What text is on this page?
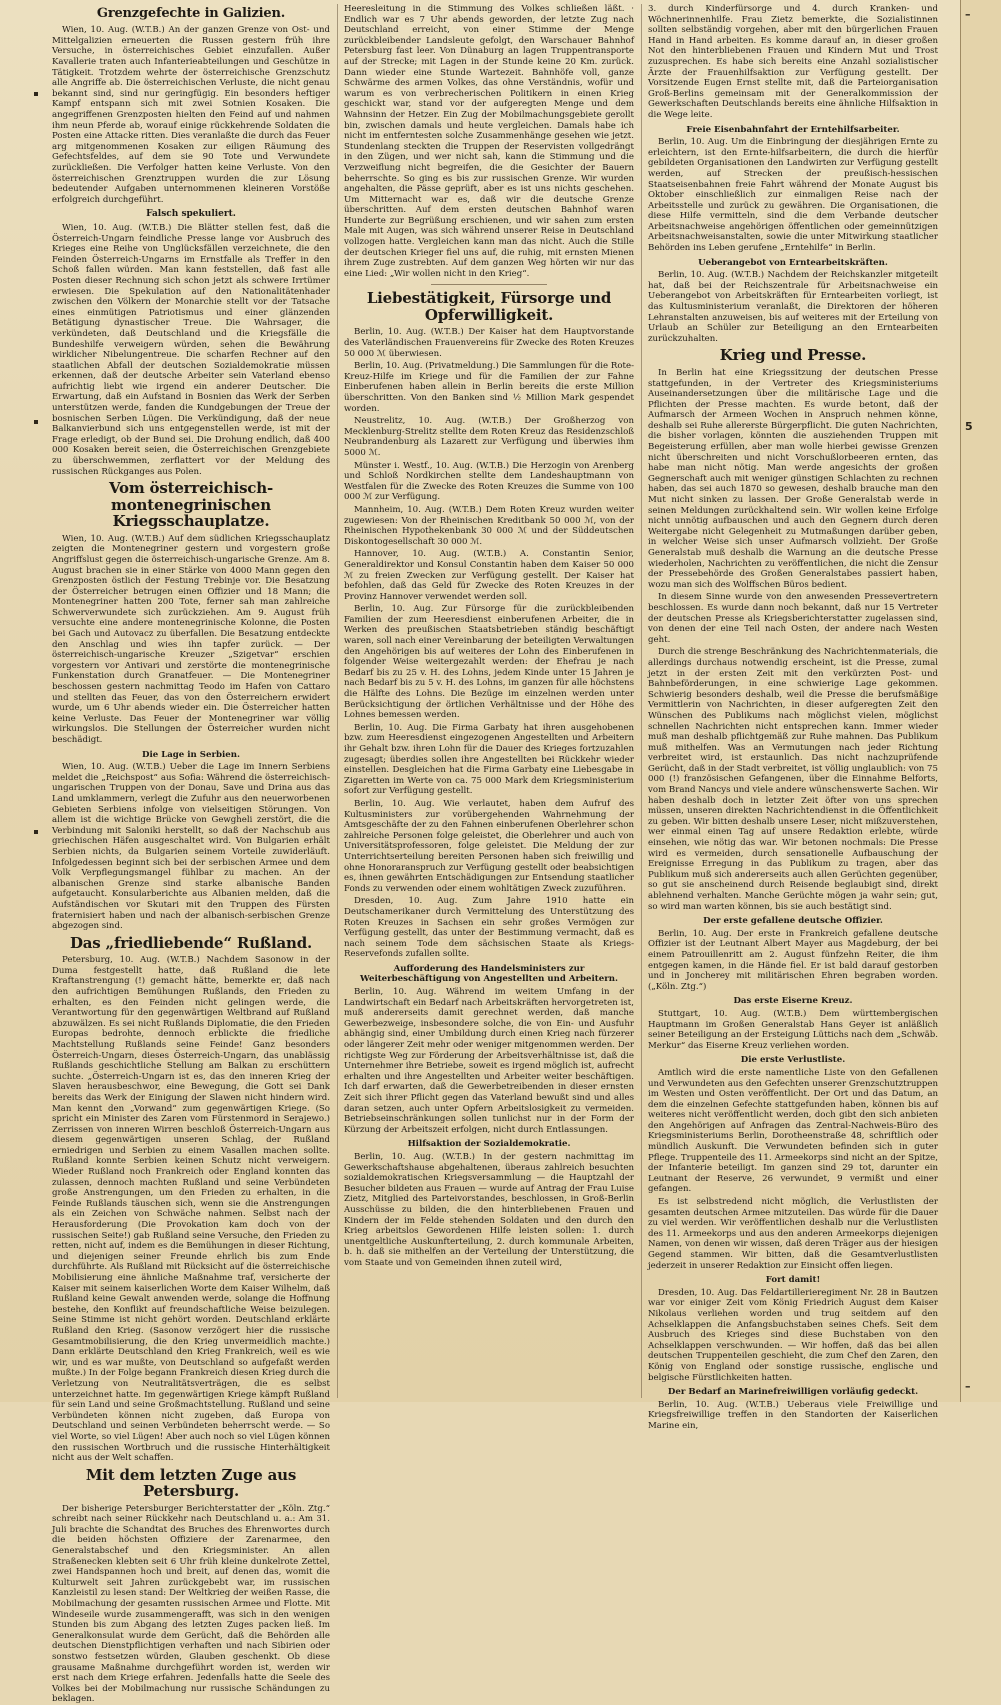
Grenzgefechte in Galizien.

Wien, 10. Aug. (W.T.B.) An der ganzen Grenze von Ost- und Mittelgalizien erneuerten die Russen gestern früh ihre Versuche, in österreichisches Gebiet einzufallen. Außer Kavallerie traten auch Infanterieabteilungen und Geschütze in Tätigkeit. Trotzdem wehrte der österreichische Grenzschutz alle Angriffe ab. Die österreichischen Verluste, die nicht genau bekannt sind, sind nur geringfügig. Ein besonders heftiger Kampf entspann sich mit zwei Sotnien Kosaken. Die angegriffenen Grenzposten hielten den Feind auf und nahmen ihm neun Pferde ab, worauf einige rückkehrende Soldaten die Posten eine Attacke ritten. Dies veranlaßte die durch das Feuer arg mitgenommenen Kosaken zur eiligen Räumung des Gefechtsfeldes, auf dem sie 90 Tote und Verwundete zurückließen. Die Verfolger hatten keine Verluste. Von den österreichischen Grenztruppen wurden die zur Lösung bedeutender Aufgaben unternommenen kleineren Vorstöße erfolgreich durchgeführt.

Falsch spekuliert.

Wien, 10. Aug. (W.T.B.) Die Blätter stellen fest, daß die Österreich-Ungarn feindliche Presse lange vor Ausbruch des Krieges eine Reihe von Unglücksfällen verzeichnete, die den Feinden Österreich-Ungarns im Ernstfalle als Treffer in den Schoß fallen würden. Man kann feststellen, daß fast alle Posten dieser Rechnung sich schon jetzt als schwere Irrtümer erwiesen. Die Spekulation auf den Nationalitätenhader zwischen den Völkern der Monarchie stellt vor der Tatsache eines einmütigen Patriotismus und einer glänzenden Betätigung dynastischer Treue. Die Wahrsager, die verkündeten, daß Deutschland und die Kriegsfälle die Bundeshilfe verweigern würden, sehen die Bewährung wirklicher Nibelungentreue. Die scharfen Rechner auf den staatlichen Abfall der deutschen Sozialdemokratie müssen erkennen, daß der deutsche Arbeiter sein Vaterland ebenso aufrichtig liebt wie irgend ein anderer Deutscher. Die Erwartung, daß ein Aufstand in Bosnien das Werk der Serben unterstützen werde, fanden die Kundgebungen der Treue der bosnischen Serben Lügen. Die Verkündigung, daß der neue Balkanvierbund sich uns entgegenstellen werde, ist mit der Frage erledigt, ob der Bund sei. Die Drohung endlich, daß 400 000 Kosaken bereit seien, die Österreichischen Grenzgebiete zu überschwemmen, zerflattert vor der Meldung des russischen Rückganges aus Polen.

Vom österreichisch-montenegrinischen Kriegsschauplatze.

Wien, 10. Aug. (W.T.B.) Auf dem südlichen Kriegsschauplatz zeigten die Montenegriner gestern und vorgestern große Angriffslust gegen die österreichisch-ungarische Grenze. Am 8. August brachen sie in einer Stärke von 4000 Mann gegen den Grenzposten östlich der Festung Trebinje vor. Die Besatzung der Österreicher betrugen einen Offizier und 18 Mann; die Montenegriner hatten 200 Tote, ferner sah man zahlreiche Schwerverwundete sich zurückziehen. Am 9. August früh versuchte eine andere montenegrinische Kolonne, die Posten bei Gach und Autovacz zu überfallen. Die Besatzung entdeckte den Anschlag und wies ihn tapfer zurück. — Der österreichisch-ungarische Kreuzer „Szigetvar“ erschien vorgestern vor Antivari und zerstörte die montenegrinische Funkenstation durch Granatfeuer. — Die Montenegriner beschossen gestern nachmittag Teodo im Hafen von Cattaro und stellten das Feuer, das von den Österreichern erwidert wurde, um 6 Uhr abends wieder ein. Die Österreicher hatten keine Verluste. Das Feuer der Montenegriner war völlig wirkungslos. Die Stellungen der Österreicher wurden nicht beschädigt.

Die Lage in Serbien.

Wien, 10. Aug. (W.T.B.) Ueber die Lage im Innern Serbiens meldet die „Reichspost“ aus Sofia: Während die österreichisch-ungarischen Truppen von der Donau, Save und Drina aus das Land umklammern, verlegt die Zufuhr aus den neuerworbenen Gebieten Serbiens infolge von vielseitigen Störungen. Von allem ist die wichtige Brücke von Gewgheli zerstört, die die Verbindung mit Saloniki herstellt, so daß der Nachschub aus griechischen Häfen ausgeschaltet wird. Von Bulgarien erhält Serbien nichts, da Bulgarien seinem Vorteile zuwiderläuft. Infolgedessen beginnt sich bei der serbischen Armee und dem Volk Verpflegungsmangel fühlbar zu machen. An der albanischen Grenze sind starke albanische Banden aufgetaucht. Konsularberichte aus Albanien melden, daß die Aufständischen vor Skutari mit den Truppen des Fürsten fraternisiert haben und nach der albanisch-serbischen Grenze abgezogen sind.

Das „friedliebende“ Rußland.

Petersburg, 10. Aug. (W.T.B.) Nachdem Sasonow in der Duma festgestellt hatte, daß Rußland die lete Kraftanstrengung (!) gemacht hätte, bemerkte er, daß nach den aufrichtigen Bemühungen Rußlands, den Frieden zu erhalten, es den Feinden nicht gelingen werde, die Verantwortung für den gegenwärtigen Weltbrand auf Rußland abzuwälzen. Es sei nicht Rußlands Diplomatie, die den Frieden Europas bedrohte, dennoch erblickte die friedliche Machtstellung Rußlands seine Feinde! Ganz besonders Österreich-Ungarn, dieses Österreich-Ungarn, das unablässig Rußlands geschichtliche Stellung am Balkan zu erschüttern suchte. „Österreich-Ungarn ist es, das den inneren Krieg der Slaven herausbeschwor, eine Bewegung, die Gott sei Dank bereits das Werk der Einigung der Slawen nicht hindern wird. Man kennt den „Vorwand“ zum gegenwärtigen Kriege. (So spricht ein Minister des Zaren vom Fürstenmord in Serajewo.) Zerrissen von inneren Wirren beschloß Österreich-Ungarn aus diesem gegenwärtigen unseren Schlag, der Rußland erniedrigen und Serbien zu einem Vasallen machen sollte. Rußland konnte Serbien keinen Schutz nicht verweigern. Wieder Rußland noch Frankreich oder England konnten das zulassen, dennoch machten Rußland und seine Verbündeten große Anstrengungen, um den Frieden zu erhalten, in die Feinde Rußlands täuschen sich, wenn sie die Anstrengungen als ein Zeichen von Schwäche nahmen. Selbst nach der Herausforderung (Die Provokation kam doch von der russischen Seite!) gab Rußland seine Versuche, den Frieden zu retten, nicht auf, indem es die Bemühungen in dieser Richtung, und diejenigen seiner Freunde ehrlich bis zum Ende durchführte. Als Rußland mit Rücksicht auf die österreichische Mobilisierung eine ähnliche Maßnahme traf, versicherte der Kaiser mit seinem kaiserlichen Worte dem Kaiser Wilhelm, daß Rußland keine Gewalt anwenden werde, solange die Hoffnung bestehe, den Konflikt auf freundschaftliche Weise beizulegen. Seine Stimme ist nicht gehört worden. Deutschland erklärte Rußland den Krieg. (Sasonow verzögert hier die russische Gesamtmobilisierung, die den Krieg unvermeidlich machte.) Dann erklärte Deutschland den Krieg Frankreich, weil es wie wir, und es war mußte, von Deutschland so aufgefaßt werden mußte.) In der Folge begann Frankreich diesen Krieg durch die Verletzung von Neutralitätsverträgen, die es selbst unterzeichnet hatte. Im gegenwärtigen Kriege kämpft Rußland für sein Land und seine Großmachtstellung. Rußland und seine Verbündeten können nicht zugeben, daß Europa von Deutschland und seinen Verbündeten beherrscht werde. — So viel Worte, so viel Lügen! Aber auch noch so viel Lügen können den russischen Wortbruch und die russische Hinterhältigkeit nicht aus der Welt schaffen.

Mit dem letzten Zuge aus Petersburg.

Der bisherige Petersburger Berichterstatter der „Köln. Ztg.“ schreibt nach seiner Rückkehr nach Deutschland u. a.: Am 31. Juli brachte die Schandtat des Bruches des Ehrenwortes durch die beiden höchsten Offiziere der Zarenarmee, den Generalstabschef und den Kriegsminister. An allen Straßenecken klebten seit 6 Uhr früh kleine dunkelrote Zettel, zwei Handspannen hoch und breit, auf denen das, womit die Kulturwelt seit Jahren zurückgebebt war, im russischen Kanzleistil zu lesen stand: Der Weltkrieg der weißen Rasse, die Mobilmachung der gesamten russischen Armee und Flotte. Mit Windeseile wurde zusammengerafft, was sich in den wenigen Stunden bis zum Abgang des letzten Zuges packen ließ. Im Generalkonsulat wurde dem Gerücht, daß die Behörden alle deutschen Dienstpflichtigen verhaften und nach Sibirien oder sonstwo festsetzen würden, Glauben geschenkt. Ob diese grausame Maßnahme durchgeführt worden ist, werden wir erst nach dem Kriege erfahren. Jedenfalls hatte die Seele des Volkes bei der Mobilmachung nur russische Schändungen zu beklagen.

Heeresleitung in die Stimmung des Volkes schließen läßt. · Endlich war es 7 Uhr abends geworden, der letzte Zug nach Deutschland erreicht, von einer Stimme der Menge zurückbleibender Landsleute gefolgt, den Warschauer Bahnhof Petersburg fast leer. Von Dünaburg an lagen Truppentransporte auf der Strecke; mit Lagen in der Stunde keine 20 Km. zurück. Dann wieder eine Stunde Wartezeit. Bahnhöfe voll, ganze Schwärme des armen Volkes, das ohne Verständnis, wofür und warum es von verbrecherischen Politikern in einen Krieg geschickt war, stand vor der aufgeregten Menge und dem Wahnsinn der Hetzer. Ein Zug der Mobilmachungsgebiete gerollt bin, zwischen damals und heute vergleichen. Damals habe ich nicht im entferntesten solche Zusammenhänge gesehen wie jetzt. Stundenlang steckten die Truppen der Reservisten vollgedrängt in den Zügen, und wer nicht sah, kann die Stimmung und die Verzweiflung nicht begreifen, die die Gesichter der Bauern beherrschte. So ging es bis zur russischen Grenze. Wir wurden angehalten, die Pässe geprüft, aber es ist uns nichts geschehen. Um Mitternacht war es, daß wir die deutsche Grenze überschritten. Auf dem ersten deutschen Bahnhof waren Hunderte zur Begrüßung erschienen, und wir sahen zum ersten Male mit Augen, was sich während unserer Reise in Deutschland vollzogen hatte. Vergleichen kann man das nicht. Auch die Stille der deutschen Krieger fiel uns auf, die ruhig, mit ernsten Mienen ihrem Zuge zustrebten. Auf dem ganzen Weg hörten wir nur das eine Lied: „Wir wollen nicht in den Krieg“.

Liebestätigkeit, Fürsorge und Opferwilligkeit.

Berlin, 10. Aug. (W.T.B.) Der Kaiser hat dem Hauptvorstande des Vaterländischen Frauenvereins für Zwecke des Roten Kreuzes 50 000 ℳ überwiesen.

Berlin, 10. Aug. (Privatmeldung.) Die Sammlungen für die Rote-Kreuz-Hilfe im Kriege und für die Familien der zur Fahne Einberufenen haben allein in Berlin bereits die erste Million überschritten. Von den Banken sind ½ Million Mark gespendet worden.

Neustrelitz, 10. Aug. (W.T.B.) Der Großherzog von Mecklenburg-Strelitz stellte dem Roten Kreuz das Residenzschloß Neubrandenburg als Lazarett zur Verfügung und überwies ihm 5000 ℳ.

Münster i. Westf., 10. Aug. (W.T.B.) Die Herzogin von Arenberg und Schloß Nordkirchen stellte dem Landeshauptmann von Westfalen für die Zwecke des Roten Kreuzes die Summe von 100 000 ℳ zur Verfügung.

Mannheim, 10. Aug. (W.T.B.) Dem Roten Kreuz wurden weiter zugewiesen: Von der Rheinischen Kreditbank 50 000 ℳ, von der Rheinischen Hypothekenbank 30 000 ℳ und der Süddeutschen Diskontogesellschaft 30 000 ℳ.

Hannover, 10. Aug. (W.T.B.) A. Constantin Senior, Generaldirektor und Konsul Constantin haben dem Kaiser 50 000 ℳ zu freien Zwecken zur Verfügung gestellt. Der Kaiser hat befohlen, daß das Geld für Zwecke des Roten Kreuzes in der Provinz Hannover verwendet werden soll.

Berlin, 10. Aug. Zur Fürsorge für die zurückbleibenden Familien der zum Heeresdienst einberufenen Arbeiter, die in Werken des preußischen Staatsbetrieben ständig beschäftigt waren, soll nach einer Vereinbarung der beteiligten Verwaltungen den Angehörigen bis auf weiteres der Lohn des Einberufenen in folgender Weise weitergezahlt werden: der Ehefrau je nach Bedarf bis zu 25 v. H. des Lohns, jedem Kinde unter 15 Jahren je nach Bedarf bis zu 5 v. H. des Lohns, im ganzen für alle höchstens die Hälfte des Lohns. Die Bezüge im einzelnen werden unter Berücksichtigung der örtlichen Verhältnisse und der Höhe des Lohnes bemessen werden.

Berlin, 10. Aug. Die Firma Garbaty hat ihren ausgehobenen bzw. zum Heeresdienst eingezogenen Angestellten und Arbeitern ihr Gehalt bzw. ihren Lohn für die Dauer des Krieges fortzuzahlen zugesagt; überdies sollen ihre Angestellten bei Rückkehr wieder einstellen. Desgleichen hat die Firma Garbaty eine Liebesgabe in Zigaretten im Werte von ca. 75 000 Mark dem Kriegsministerium sofort zur Verfügung gestellt.

Berlin, 10. Aug. Wie verlautet, haben dem Aufruf des Kultusministers zur vorübergehenden Wahrnehmung der Amtsgeschäfte der zu den Fahnen einberufenen Oberlehrer schon zahlreiche Personen folge geleistet, die Oberlehrer und auch von Universitätsprofessoren, folge geleistet. Die Meldung der zur Unterrichtserteilung bereiten Personen haben sich freiwillig und ohne Honoraranspruch zur Verfügung gestellt oder beabsichtigen es, ihnen gewährten Entschädigungen zur Entsendung staatlicher Fonds zu verwenden oder einem wohltätigen Zweck zuzuführen.

Dresden, 10. Aug. Zum Jahre 1910 hatte ein Deutschamerikaner durch Vermittelung des Unterstützung des Roten Kreuzes in Sachsen ein sehr großes Vermögen zur Verfügung gestellt, das unter der Bestimmung vermacht, daß es nach seinem Tode dem sächsischen Staate als Kriegs-Reservefonds zufallen sollte.

Aufforderung des Handelsministers zur Weiterbeschäftigung von Angestellten und Arbeitern.

Berlin, 10. Aug. Während im weitem Umfang in der Landwirtschaft ein Bedarf nach Arbeitskräften hervorgetreten ist, muß andererseits damit gerechnet werden, daß manche Gewerbezweige, insbesondere solche, die von Ein- und Ausfuhr abhängig sind, einer Umbildung durch einen Krieg nach fürzerer oder längerer Zeit mehr oder weniger mitgenommen werden. Der richtigste Weg zur Förderung der Arbeitsverhältnisse ist, daß die Unternehmer ihre Betriebe, soweit es irgend möglich ist, aufrecht erhalten und ihre Angestellten und Arbeiter weiter beschäftigen. Ich darf erwarten, daß die Gewerbetreibenden in dieser ernsten Zeit sich ihrer Pflicht gegen das Vaterland bewußt sind und alles daran setzen, auch unter Opfern Arbeitslosigkeit zu vermeiden. Betriebseinschränkungen sollen tunlichst nur in der Form der Kürzung der Arbeitszeit erfolgen, nicht durch Entlassungen.

Hilfsaktion der Sozialdemokratie.

Berlin, 10. Aug. (W.T.B.) In der gestern nachmittag im Gewerkschaftshause abgehaltenen, überaus zahlreich besuchten sozialdemokratischen Kriegsversammlung — die Hauptzahl der Besucher bildeten aus Frauen — wurde auf Antrag der Frau Luise Zietz, Mitglied des Parteivorstandes, beschlossen, in Groß-Berlin Ausschüsse zu bilden, die den hinterbliebenen Frauen und Kindern der im Felde stehenden Soldaten und den durch den Krieg arbeitslos Gewordenen Hilfe leisten sollen: 1. durch unentgeltliche Auskunfterteilung, 2. durch kommunale Arbeiten, b. h. daß sie mithelfen an der Verteilung der Unterstützung, die vom Staate und von Gemeinden ihnen zuteil wird,

3. durch Kinderfürsorge und 4. durch Kranken- und Wöchnerinnenhilfe. Frau Zietz bemerkte, die Sozialistinnen sollten selbständig vorgehen, aber mit den bürgerlichen Frauen Hand in Hand arbeiten. Es komme darauf an, in dieser großen Not den hinterbliebenen Frauen und Kindern Mut und Trost zuzusprechen. Es habe sich bereits eine Anzahl sozialistischer Ärzte der Frauenhilfsaktion zur Verfügung gestellt. Der Vorsitzende Eugen Ernst stellte mit, daß die Parteiorganisation Groß-Berlins gemeinsam mit der Generalkommission der Gewerkschaften Deutschlands bereits eine ähnliche Hilfsaktion in die Wege leite.

Freie Eisenbahnfahrt der Erntehilfsarbeiter.

Berlin, 10. Aug. Um die Einbringung der diesjährigen Ernte zu erleichtern, ist den Ernte-hilfsarbeitern, die durch die hierfür gebildeten Organisationen den Landwirten zur Verfügung gestellt werden, auf Strecken der preußisch-hessischen Staatseisenbahnen freie Fahrt während der Monate August bis Oktober einschließlich zur einmaligen Reise nach der Arbeitsstelle und zurück zu gewähren. Die Organisationen, die diese Hilfe vermitteln, sind die dem Verbande deutscher Arbeitsnachweise angehörigen öffentlichen oder gemeinnützigen Arbeitsnachweisanstalten, sowie die unter Mitwirkung staatlicher Behörden ins Leben gerufene „Erntehilfe“ in Berlin.

Ueberangebot von Erntearbeitskräften.

Berlin, 10. Aug. (W.T.B.) Nachdem der Reichskanzler mitgeteilt hat, daß bei der Reichszentrale für Arbeitsnachweise ein Ueberangebot von Arbeitskräften für Erntearbeiten vorliegt, ist das Kultusministerium veranlaßt, die Direktoren der höheren Lehranstalten anzuweisen, bis auf weiteres mit der Erteilung von Urlaub an Schüler zur Beteiligung an den Erntearbeiten zurückzuhalten.

Krieg und Presse.

In Berlin hat eine Kriegssitzung der deutschen Presse stattgefunden, in der Vertreter des Kriegsministeriums Auseinandersetzungen über die militärische Lage und die Pflichten der Presse machten. Es wurde betont, daß der Aufmarsch der Armeen Wochen in Anspruch nehmen könne, deshalb sei Ruhe allererste Bürgerpflicht. Die guten Nachrichten, die bisher vorlagen, könnten die ausziehenden Truppen mit Begeisterung erfüllen, aber man wolle hierbei gewisse Grenzen nicht überschreiten und nicht Vorschußlorbeeren ernten, das habe man nicht nötig. Man werde angesichts der großen Gegnerschaft auch mit weniger günstigen Schlachten zu rechnen haben, das sei auch 1870 so gewesen, deshalb brauche man den Mut nicht sinken zu lassen. Der Große Generalstab werde in seinen Meldungen zurückhaltend sein. Wir wollen keine Erfolge nicht unnötig aufbauschen und auch den Gegnern durch deren Weitergabe nicht Gelegenheit zu Mutmaßungen darüber geben, in welcher Weise sich unser Aufmarsch vollzieht. Der Große Generalstab muß deshalb die Warnung an die deutsche Presse wiederholen, Nachrichten zu veröffentlichen, die nicht die Zensur der Pressebehörde des Großen Generalstabes passiert haben, wozu man sich des Wolffschen Büros bedient.

In diesem Sinne wurde von den anwesenden Pressevertretern beschlossen. Es wurde dann noch bekannt, daß nur 15 Vertreter der deutschen Presse als Kriegsberichterstatter zugelassen sind, von denen der eine Teil nach Osten, der andere nach Westen geht.

Durch die strenge Beschränkung des Nachrichtenmaterials, die allerdings durchaus notwendig erscheint, ist die Presse, zumal jetzt in der ersten Zeit mit den verkürzten Post- und Bahnbeförderungen, in eine schwierige Lage gekommen. Schwierig besonders deshalb, weil die Presse die berufsmäßige Vermittlerin von Nachrichten, in dieser aufgeregten Zeit den Wünschen des Publikums nach möglichst vielen, möglichst schnellen Nachrichten nicht entsprechen kann. Immer wieder muß man deshalb pflichtgemäß zur Ruhe mahnen. Das Publikum muß mithelfen. Was an Vermutungen nach jeder Richtung verbreitet wird, ist erstaunlich. Das nicht nachzuprüfende Gerücht, daß in der Stadt verbreitet, ist völlig unglaublich: von 75 000 (!) französischen Gefangenen, über die Einnahme Belforts, vom Brand Nancys und viele andere wünschenswerte Sachen. Wir haben deshalb doch in letzter Zeit öfter von uns sprechen müssen, unseren direkten Nachrichtendienst in die Öffentlichkeit zu geben. Wir bitten deshalb unsere Leser, nicht mißzuverstehen, wer einmal einen Tag auf unsere Redaktion erlebte, würde einsehen, wie nötig das war. Wir betonen nochmals: Die Presse wird es vermeiden, durch sensationelle Aufbauschung der Ereignisse Erregung in das Publikum zu tragen, aber das Publikum muß sich andererseits auch allen Gerüchten gegenüber, so gut sie anscheinend durch Reisende beglaubigt sind, direkt ablehnend verhalten. Manche Gerüchte mögen ja wahr sein; gut, so wird man warten können, bis sie auch bestätigt sind.

Der erste gefallene deutsche Offizier.

Berlin, 10. Aug. Der erste in Frankreich gefallene deutsche Offizier ist der Leutnant Albert Mayer aus Magdeburg, der bei einem Patrouillenritt am 2. August fünfzehn Reiter, die ihm entgegen kamen, in die Hände fiel. Er ist bald darauf gestorben und in Joncherey mit militärischen Ehren begraben worden. („Köln. Ztg.“)

Das erste Eiserne Kreuz.

Stuttgart, 10. Aug. (W.T.B.) Dem württembergischen Hauptmann im Großen Generalstab Hans Geyer ist anläßlich seiner Beteiligung an der Ersteigung Lüttichs nach dem „Schwäb. Merkur“ das Eiserne Kreuz verliehen worden.

Die erste Verlustliste.

Amtlich wird die erste namentliche Liste von den Gefallenen und Verwundeten aus den Gefechten unserer Grenzschutztruppen im Westen und Osten veröffentlicht. Der Ort und das Datum, an dem die einzelnen Gefechte stattgefunden haben, können bis auf weiteres nicht veröffentlicht werden, doch gibt den sich anbieten den Angehörigen auf Anfragen das Zentral-Nachweis-Büro des Kriegsministeriums Berlin, Dorotheenstraße 48, schriftlich oder mündlich Auskunft. Die Verwundeten befinden sich in guter Pflege. Truppenteile des 11. Armeekorps sind nicht an der Spitze, der Infanterie beteiligt. Im ganzen sind 29 tot, darunter ein Leutnant der Reserve, 26 verwundet, 9 vermißt und einer gefangen.

Es ist selbstredend nicht möglich, die Verlustlisten der gesamten deutschen Armee mitzuteilen. Das würde für die Dauer zu viel werden. Wir veröffentlichen deshalb nur die Verlustlisten des 11. Armeekorps und aus den anderen Armeekorps diejenigen Namen, von denen wir wissen, daß deren Träger aus der hiesigen Gegend stammen. Wir bitten, daß die Gesamtverlustlisten jederzeit in unserer Redaktion zur Einsicht offen liegen.

Fort damit!

Dresden, 10. Aug. Das Feldartillerieregiment Nr. 28 in Bautzen war vor einiger Zeit vom König Friedrich August dem Kaiser Nikolaus verliehen worden und trug seitdem auf den Achselklappen die Anfangsbuchstaben seines Chefs. Seit dem Ausbruch des Krieges sind diese Buchstaben von den Achselklappen verschwunden. — Wir hoffen, daß das bei allen deutschen Truppenteilen geschieht, die zum Chef den Zaren, den König von England oder sonstige russische, englische und belgische Fürstlichkeiten hatten.

Der Bedarf an Marinefreiwilligen vorläufig gedeckt.

Berlin, 10. Aug. (W.T.B.) Ueberaus viele Freiwillige und Kriegsfreiwillige treffen in den Standorten der Kaiserlichen Marine ein,

–
5
–
